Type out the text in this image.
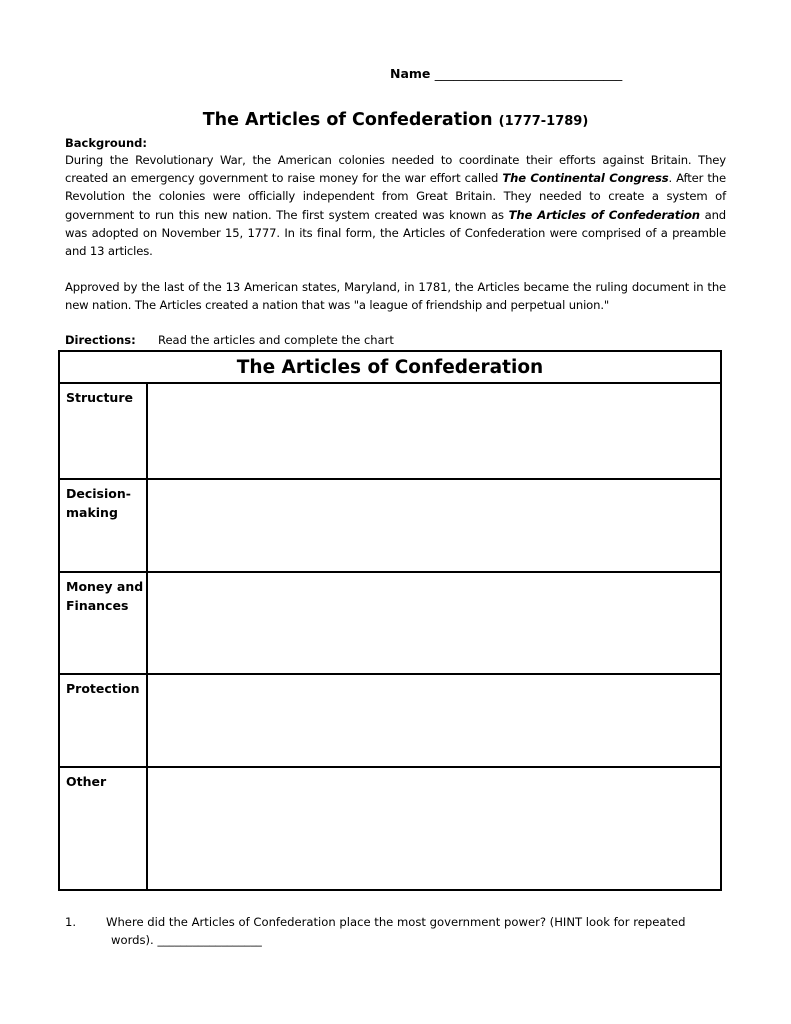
Name ______________________________
The Articles of Confederation (1777-1789)
Background:
During the Revolutionary War, the American colonies needed to coordinate their efforts against Britain. They created an emergency government to raise money for the war effort called The Continental Congress. After the Revolution the colonies were officially independent from Great Britain. They needed to create a system of government to run this new nation. The first system created was known as The Articles of Confederation and was adopted on November 15, 1777. In its final form, the Articles of Confederation were comprised of a preamble and 13 articles.
Approved by the last of the 13 American states, Maryland, in 1781, the Articles became the ruling document in the new nation. The Articles created a nation that was "a league of friendship and perpetual union."
Directions: Read the articles and complete the chart
The Articles of Confederation
Structure
Decision-making
Money and Finances
Protection
Other
1.	Where did the Articles of Confederation place the most government power? (HINT look for repeated
words). __________________
